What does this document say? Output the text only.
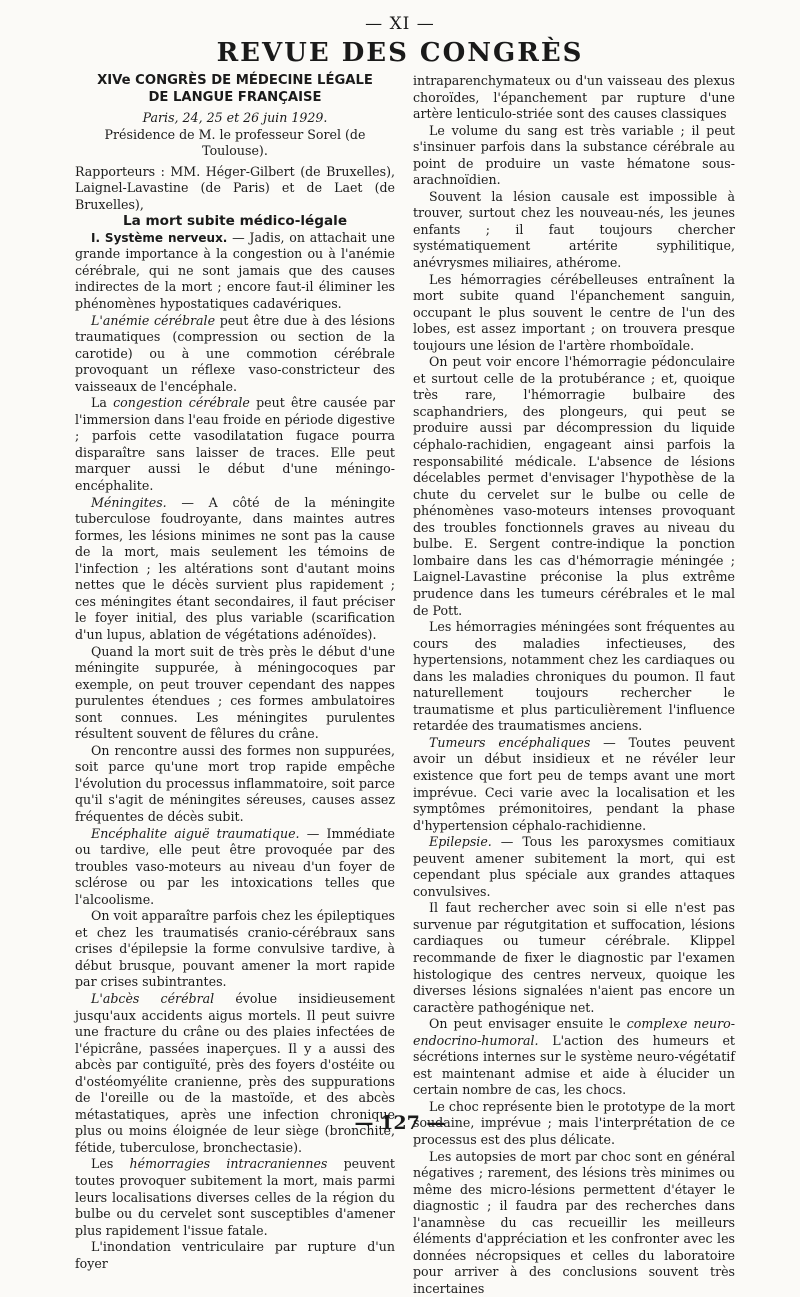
— XI —
REVUE DES CONGRÈS

XIVe CONGRÈS DE MÉDECINE LÉGALE

DE LANGUE FRANÇAISE

Paris, 24, 25 et 26 juin 1929.

Présidence de M. le professeur Sorel (de Toulouse).

Rapporteurs : MM. Héger-Gilbert (de Bruxelles), Laignel-Lavastine (de Paris) et de Laet (de Bruxelles),

La mort subite médico-légale

I. Système nerveux. — Jadis, on attachait une grande importance à la congestion ou à l'anémie cérébrale, qui ne sont jamais que des causes indirectes de la mort ; encore faut-il éliminer les phénomènes hypostatiques cadavériques.

L'anémie cérébrale peut être due à des lésions traumatiques (compression ou section de la carotide) ou à une commotion cérébrale provoquant un réflexe vaso-constricteur des vaisseaux de l'encéphale.

La congestion cérébrale peut être causée par l'immersion dans l'eau froide en période digestive ; parfois cette vasodilatation fugace pourra disparaître sans laisser de traces. Elle peut marquer aussi le début d'une méningo-encéphalite.

Méningites. — A côté de la méningite tuberculose foudroyante, dans maintes autres formes, les lésions minimes ne sont pas la cause de la mort, mais seulement les témoins de l'infection ; les altérations sont d'autant moins nettes que le décès survient plus rapidement ; ces méningites étant secondaires, il faut préciser le foyer initial, des plus variable (scarification d'un lupus, ablation de végétations adénoïdes).

Quand la mort suit de très près le début d'une méningite suppurée, à méningocoques par exemple, on peut trouver cependant des nappes purulentes étendues ; ces formes ambulatoires sont connues. Les méningites purulentes résultent souvent de fêlures du crâne.

On rencontre aussi des formes non suppurées, soit parce qu'une mort trop rapide empêche l'évolution du processus inflammatoire, soit parce qu'il s'agit de méningites séreuses, causes assez fréquentes de décès subit.

Encéphalite aiguë traumatique. — Immédiate ou tardive, elle peut être provoquée par des troubles vaso-moteurs au niveau d'un foyer de sclérose ou par les intoxications telles que l'alcoolisme.

On voit apparaître parfois chez les épileptiques et chez les traumatisés cranio-cérébraux sans crises d'épilepsie la forme convulsive tardive, à début brusque, pouvant amener la mort rapide par crises subintrantes.

L'abcès cérébral évolue insidieusement jusqu'aux accidents aigus mortels. Il peut suivre une fracture du crâne ou des plaies infectées de l'épicrâne, passées inaperçues. Il y a aussi des abcès par contiguïté, près des foyers d'ostéite ou d'ostéomyélite cranienne, près des suppurations de l'oreille ou de la mastoïde, et des abcès métastatiques, après une infection chronique plus ou moins éloignée de leur siège (bronchite, fétide, tuberculose, bronchectasie).

Les hémorragies intracraniennes peuvent toutes provoquer subitement la mort, mais parmi leurs localisations diverses celles de la région du bulbe ou du cervelet sont susceptibles d'amener plus rapidement l'issue fatale.

L'inondation ventriculaire par rupture d'un foyer

intraparenchymateux ou d'un vaisseau des plexus choroïdes, l'épanchement par rupture d'une artère lenticulo-striée sont des causes classiques

Le volume du sang est très variable ; il peut s'insinuer parfois dans la substance cérébrale au point de produire un vaste hématone sous-arachnoïdien.

Souvent la lésion causale est impossible à trouver, surtout chez les nouveau-nés, les jeunes enfants ; il faut toujours chercher systématiquement artérite syphilitique, anévrysmes miliaires, athérome.

Les hémorragies cérébelleuses entraînent la mort subite quand l'épanchement sanguin, occupant le plus souvent le centre de l'un des lobes, est assez important ; on trouvera presque toujours une lésion de l'artère rhomboïdale.

On peut voir encore l'hémorragie pédonculaire et surtout celle de la protubérance ; et, quoique très rare, l'hémorragie bulbaire des scaphandriers, des plongeurs, qui peut se produire aussi par décompression du liquide céphalo-rachidien, engageant ainsi parfois la responsabilité médicale. L'absence de lésions décelables permet d'envisager l'hypothèse de la chute du cervelet sur le bulbe ou celle de phénomènes vaso-moteurs intenses provoquant des troubles fonctionnels graves au niveau du bulbe. E. Sergent contre-indique la ponction lombaire dans les cas d'hémorragie méningée ; Laignel-Lavastine préconise la plus extrême prudence dans les tumeurs cérébrales et le mal de Pott.

Les hémorragies méningées sont fréquentes au cours des maladies infectieuses, des hypertensions, notamment chez les cardiaques ou dans les maladies chroniques du poumon. Il faut naturellement toujours rechercher le traumatisme et plus particulièrement l'influence retardée des traumatismes anciens.

Tumeurs encéphaliques — Toutes peuvent avoir un début insidieux et ne révéler leur existence que fort peu de temps avant une mort imprévue. Ceci varie avec la localisation et les symptômes prémonitoires, pendant la phase d'hypertension céphalo-rachidienne.

Epilepsie. — Tous les paroxysmes comitiaux peuvent amener subitement la mort, qui est cependant plus spéciale aux grandes attaques convulsives.

Il faut rechercher avec soin si elle n'est pas survenue par régutgitation et suffocation, lésions cardiaques ou tumeur cérébrale. Klippel recommande de fixer le diagnostic par l'examen histologique des centres nerveux, quoique les diverses lésions signalées n'aient pas encore un caractère pathogénique net.

On peut envisager ensuite le complexe neuro-endocrino-humoral. L'action des humeurs et sécrétions internes sur le système neuro-végétatif est maintenant admise et aide à élucider un certain nombre de cas, les chocs.

Le choc représente bien le prototype de la mort soudaine, imprévue ; mais l'interprétation de ce processus est des plus délicate.

Les autopsies de mort par choc sont en général négatives ; rarement, des lésions très minimes ou même des micro-lésions permettent d'étayer le diagnostic ; il faudra par des recherches dans l'anamnèse du cas recueillir les meilleurs éléments d'appréciation et les confronter avec les données nécropsiques et celles du laboratoire pour arriver à des conclusions souvent très incertaines

— 127 —
